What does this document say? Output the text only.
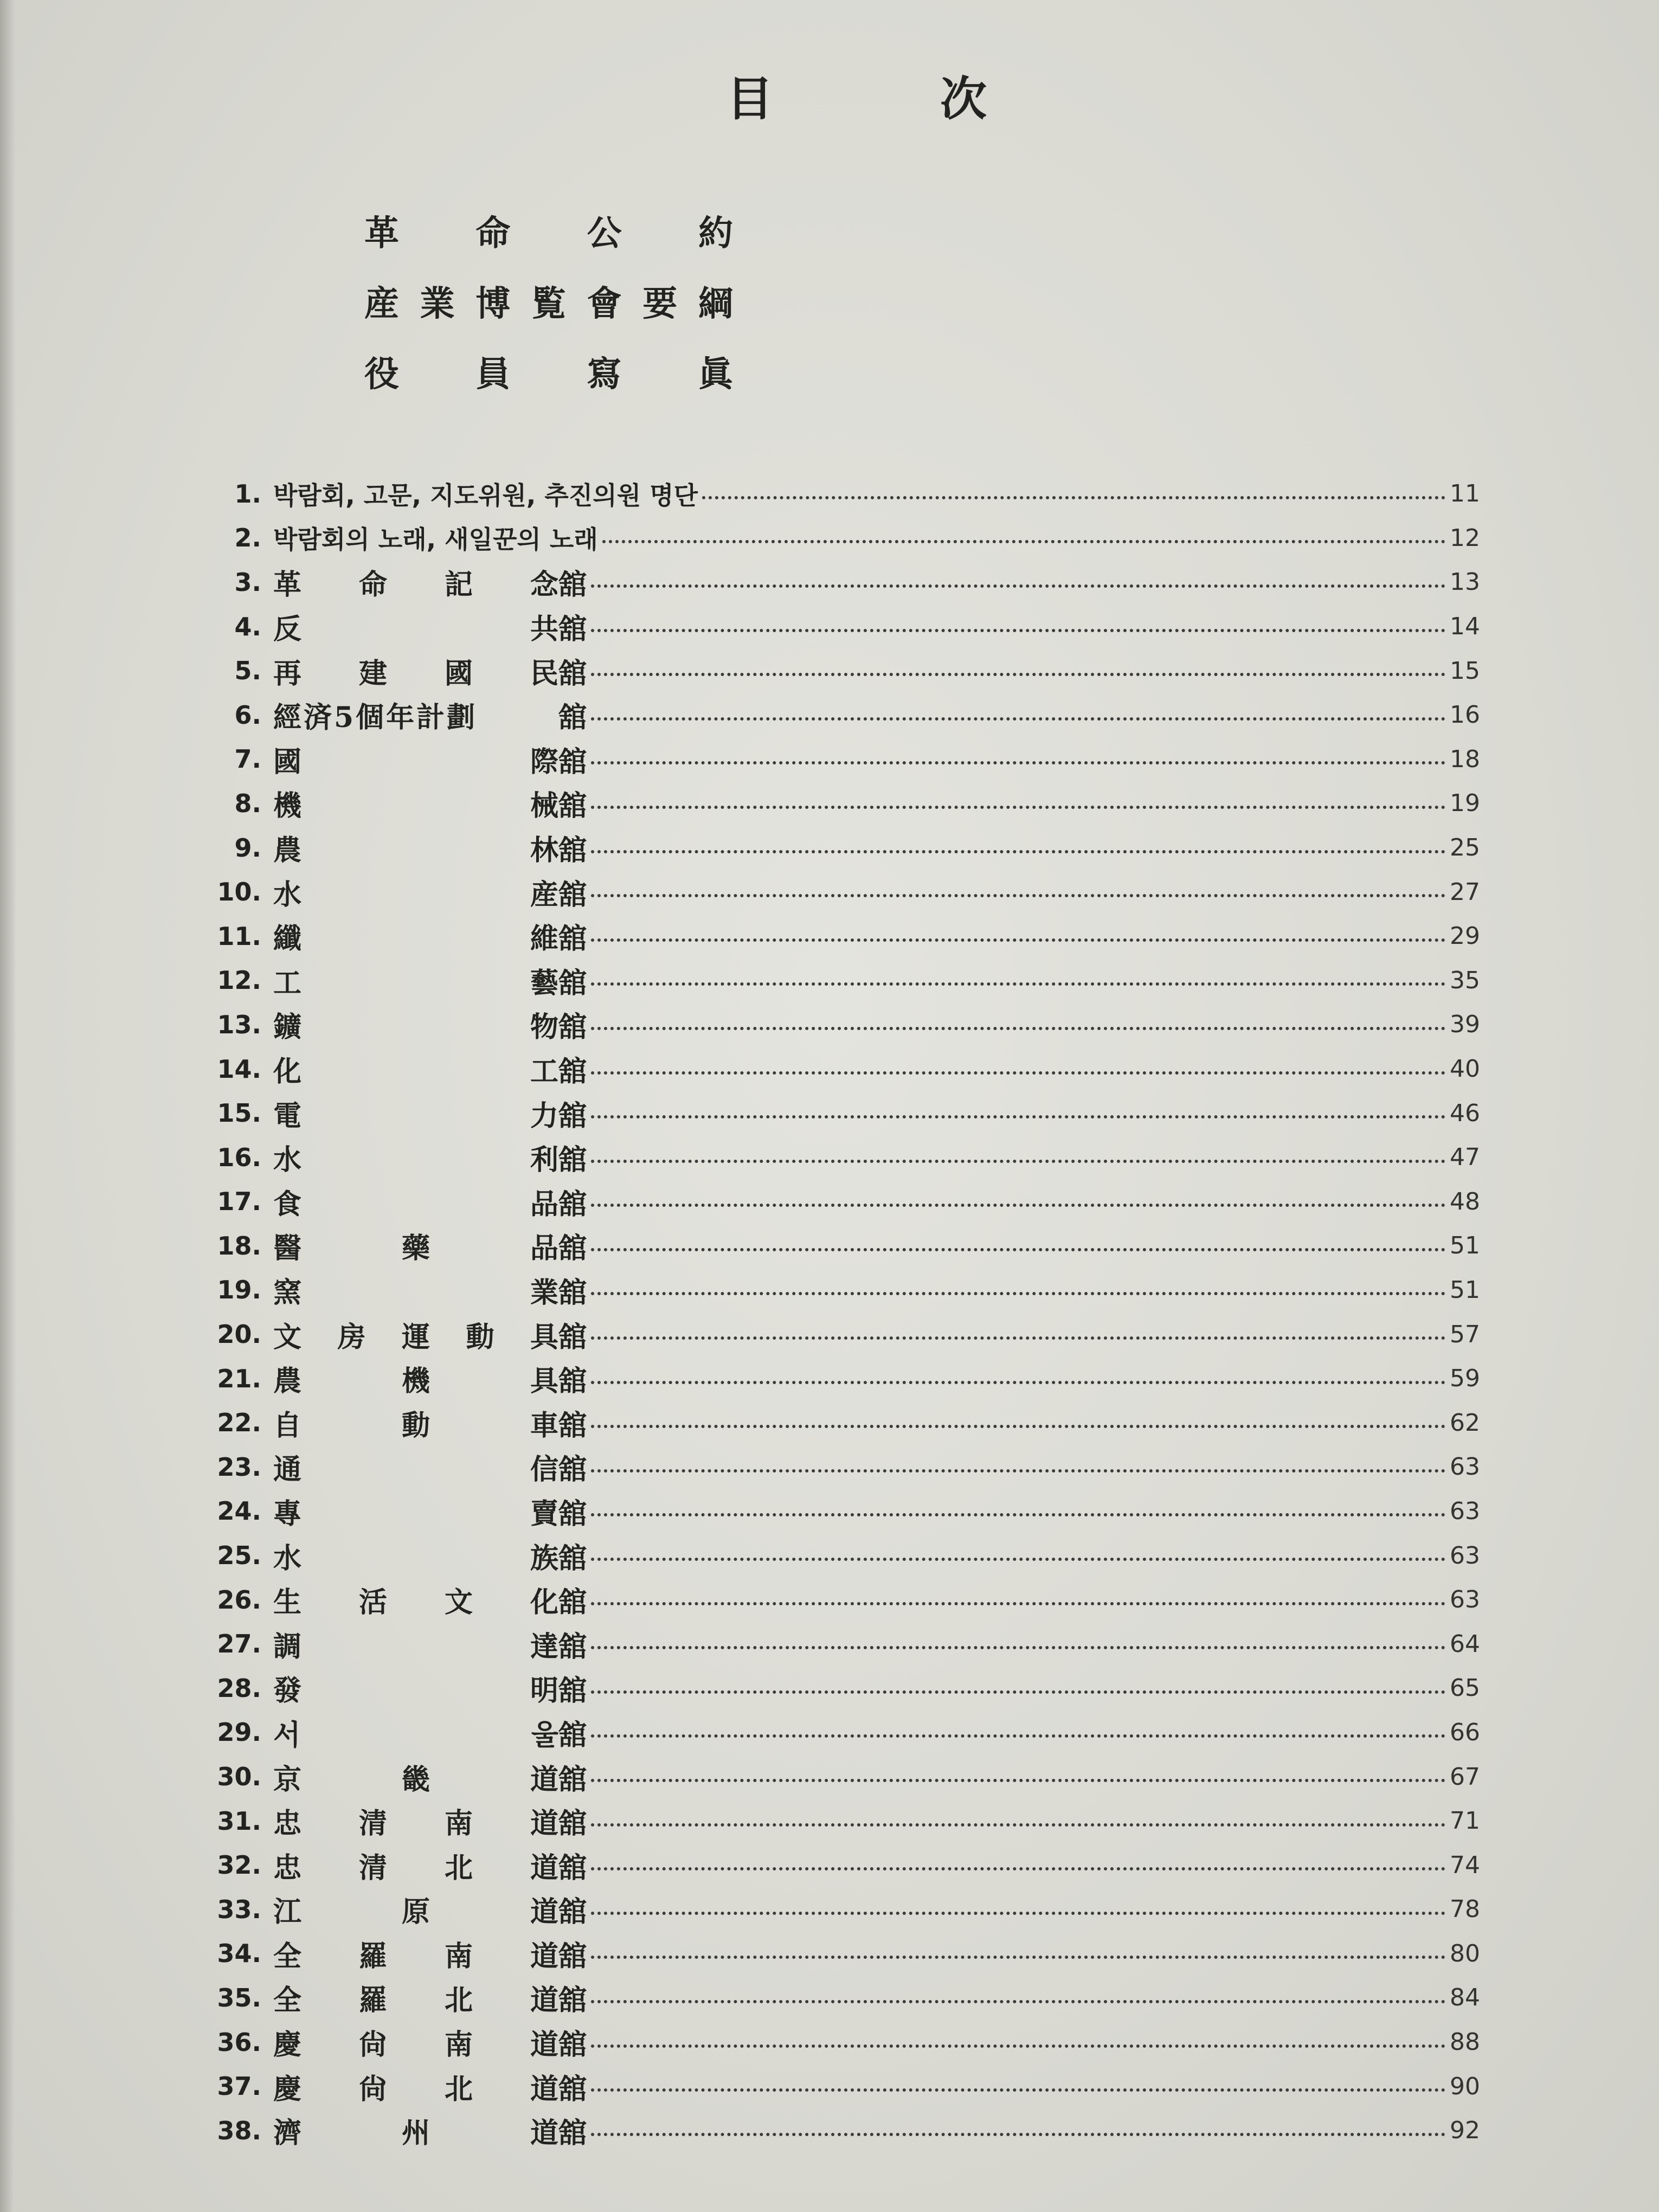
目	次
革 命 公 約
産 業 博 覧 會 要 綱
役 員 寫 眞
1. 박람회, 고문, 지도위원, 추진의원 명단	11
2. 박람회의 노래, 새일꾼의 노래	12
3. 革 命 記 念 舘	13
4. 反	共 舘	14
5. 再 建 國 民 舘	15
6. 經済5個年計劃	舘	16
7. 國	際 舘	18
8. 機	械 舘	19
9. 農	林 舘	25
10. 水	産 舘	27
11. 纖	維 舘	29
12. 工	藝 舘	35
13. 鑛	物 舘	39
14. 化	工 舘	40
15. 電	力 舘	46
16. 水	利 舘	47
17. 食	品 舘	48
18. 醫	藥	品 舘	51
19. 窯	業 舘	51
20. 文 房 運 動 具 舘	57
21. 農	機	具 舘	59
22. 自	動	車 舘	62
23. 通	信 舘	63
24. 專	賣 舘	63
25. 水	族 舘	63
26. 生 活 文 化 舘	63
27. 調	達 舘	64
28. 發	明 舘	65
29. 서	울 舘	66
30. 京	畿	道 舘	67
31. 忠 清 南 道 舘	71
32. 忠 清 北 道 舘	74
33. 江	原	道 舘	78
34. 全 羅 南 道 舘	80
35. 全 羅 北 道 舘	84
36. 慶 尙 南 道 舘	88
37. 慶 尙 北 道 舘	90
38. 濟	州	道 舘	92
